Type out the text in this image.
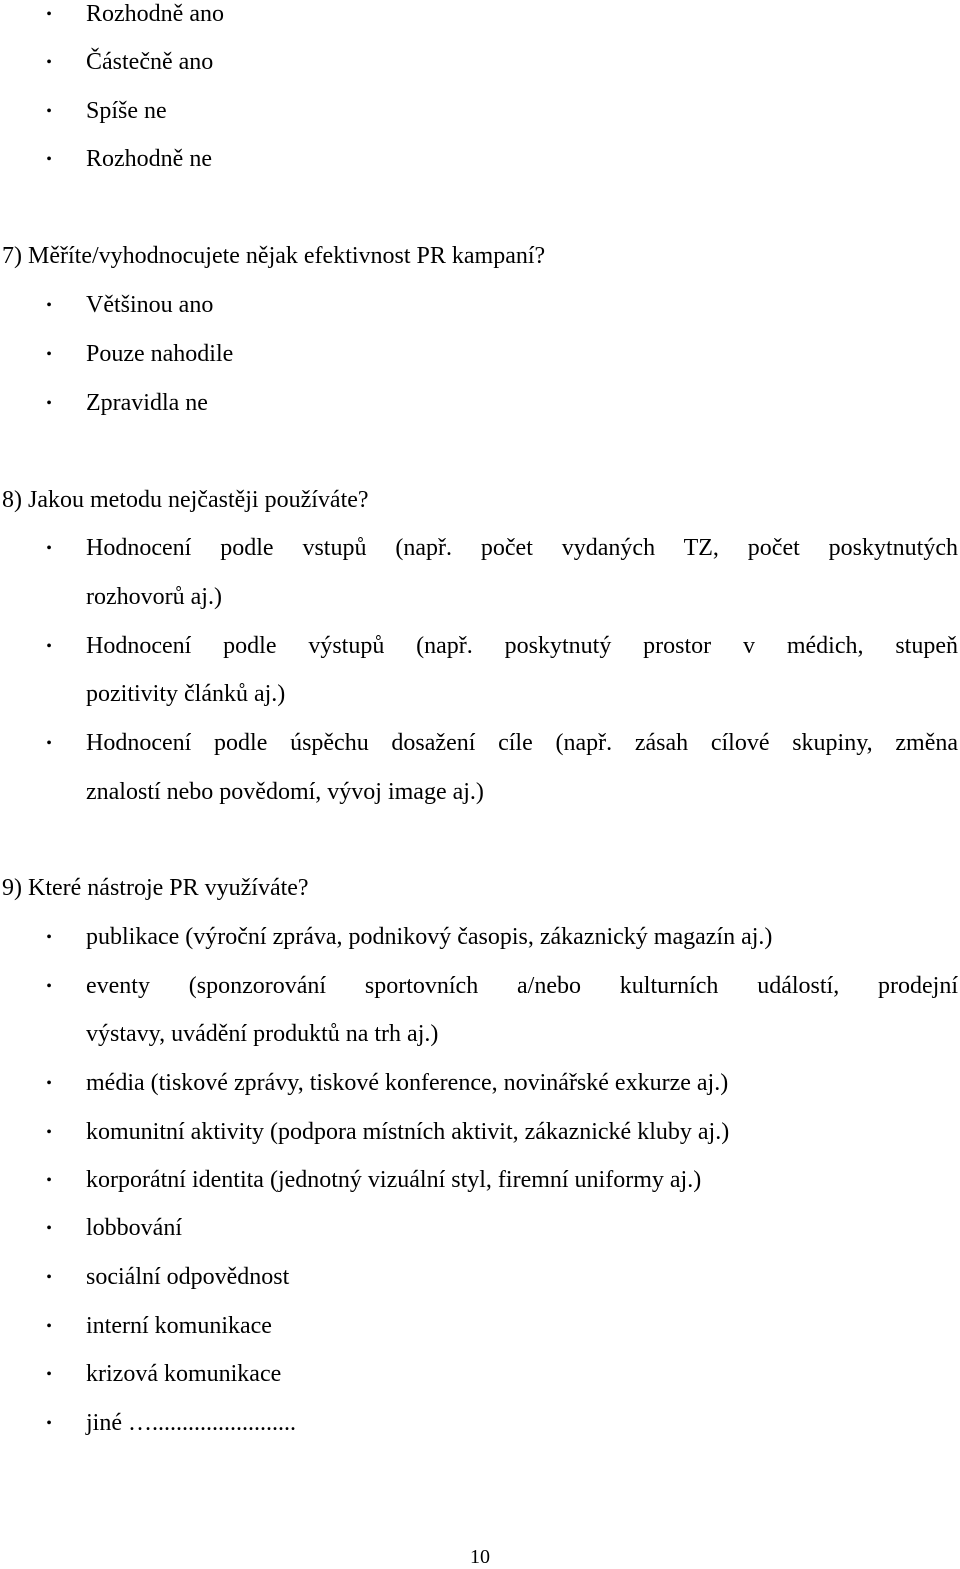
• Rozhodně ano
• Částečně ano
• Spíše ne
• Rozhodně ne
7) Měříte/vyhodnocujete nějak efektivnost PR kampaní?
• Většinou ano
• Pouze nahodile
• Zpravidla ne
8) Jakou metodu nejčastěji používáte?
• Hodnocení podle vstupů (např. počet vydaných TZ, počet poskytnutých
rozhovorů aj.)
• Hodnocení podle výstupů (např. poskytnutý prostor v médich, stupeň
pozitivity článků aj.)
• Hodnocení podle úspěchu dosažení cíle (např. zásah cílové skupiny, změna
znalostí nebo povědomí, vývoj image aj.)
9) Které nástroje PR využíváte?
• publikace (výroční zpráva, podnikový časopis, zákaznický magazín aj.)
• eventy (sponzorování sportovních a/nebo kulturních událostí, prodejní
výstavy, uvádění produktů na trh aj.)
• média (tiskové zprávy, tiskové konference, novinářské exkurze aj.)
• komunitní aktivity (podpora místních aktivit, zákaznické kluby aj.)
• korporátní identita (jednotný vizuální styl, firemní uniformy aj.)
• lobbování
• sociální odpovědnost
• interní komunikace
• krizová komunikace
• jiné …........................
10
